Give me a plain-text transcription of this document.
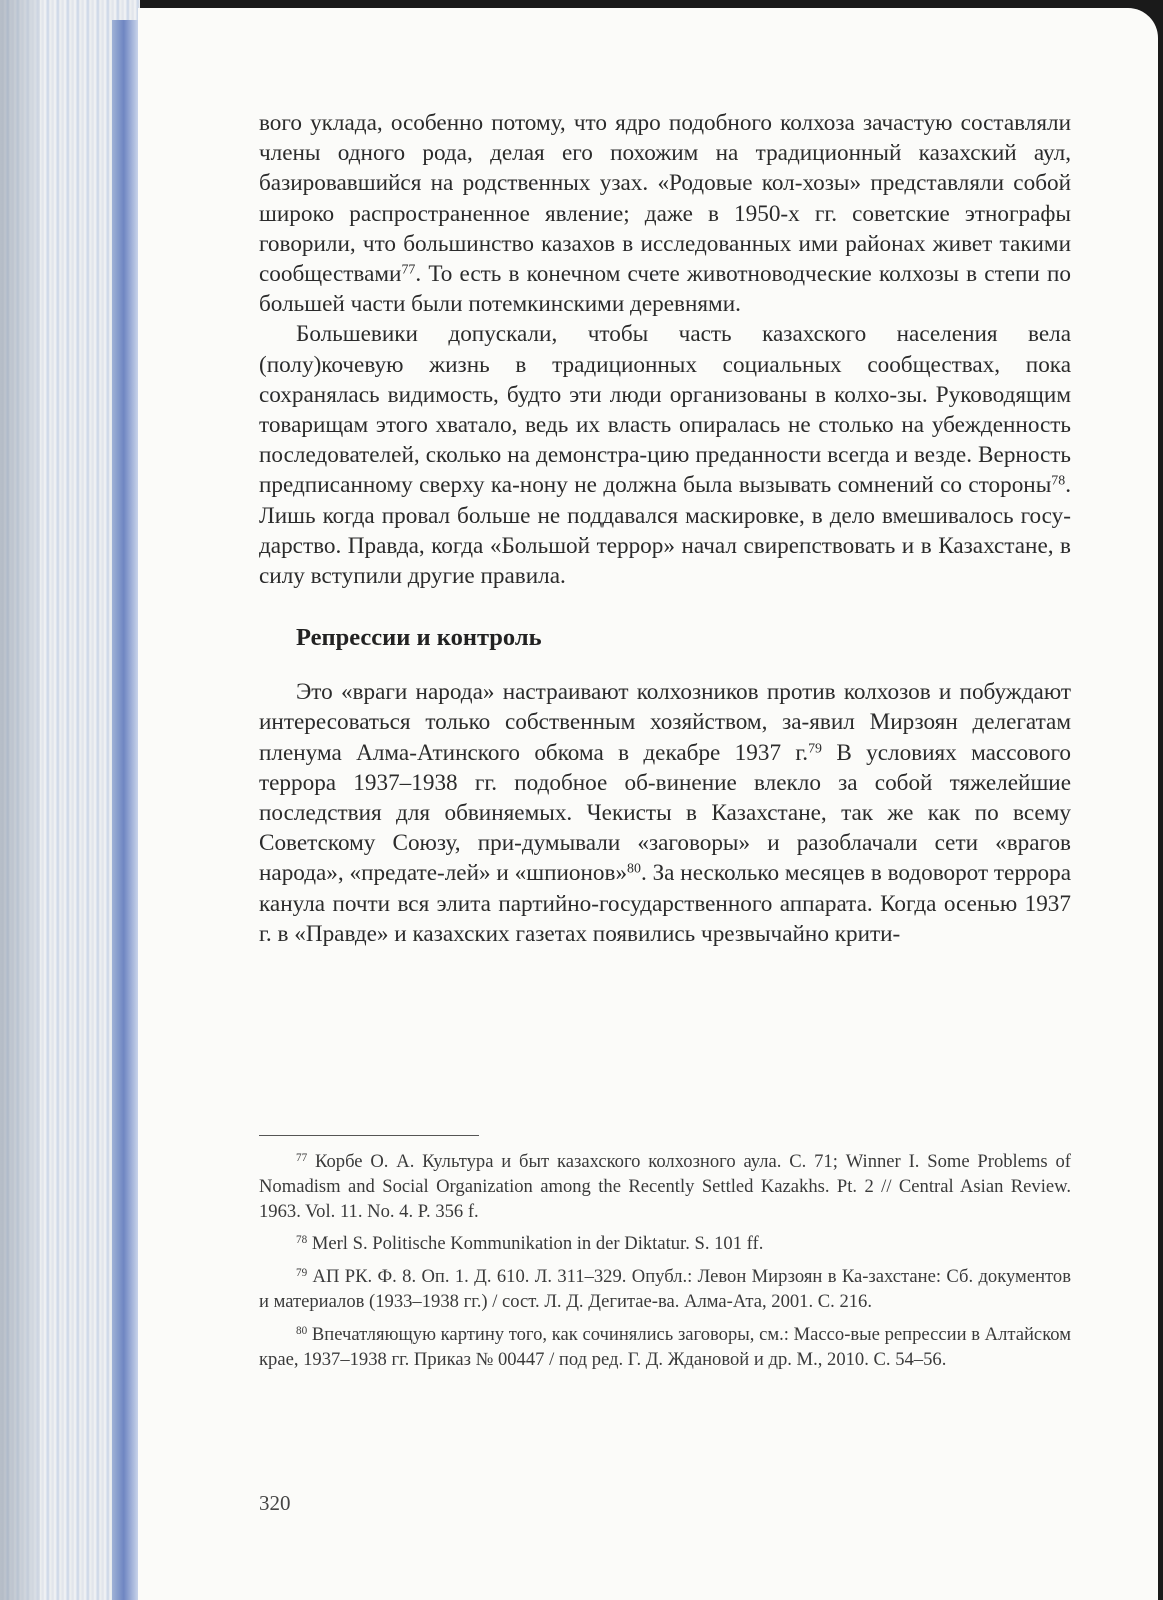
вого уклада, особенно потому, что ядро подобного колхоза зачастую составляли члены одного рода, делая его похожим на традиционный казахский аул, базировавшийся на родственных узах. «Родовые кол-хозы» представляли собой широко распространенное явление; даже в 1950-х гг. советские этнографы говорили, что большинство казахов в исследованных ими районах живет такими сообществами$^{77}$. То есть в конечном счете животноводческие колхозы в степи по большей части были потемкинскими деревнями.

Большевики допускали, чтобы часть казахского населения вела (полу)кочевую жизнь в традиционных социальных сообществах, пока сохранялась видимость, будто эти люди организованы в колхо-зы. Руководящим товарищам этого хватало, ведь их власть опиралась не столько на убежденность последователей, сколько на демонстра-цию преданности всегда и везде. Верность предписанному сверху ка-нону не должна была вызывать сомнений со стороны$^{78}$. Лишь когда провал больше не поддавался маскировке, в дело вмешивалось госу-дарство. Правда, когда «Большой террор» начал свирепствовать и в Казахстане, в силу вступили другие правила.

Репрессии и контроль

Это «враги народа» настраивают колхозников против колхозов и побуждают интересоваться только собственным хозяйством, за-явил Мирзоян делегатам пленума Алма-Атинского обкома в декабре 1937 г.$^{79}$ В условиях массового террора 1937–1938 гг. подобное об-винение влекло за собой тяжелейшие последствия для обвиняемых. Чекисты в Казахстане, так же как по всему Советскому Союзу, при-думывали «заговоры» и разоблачали сети «врагов народа», «предате-лей» и «шпионов»$^{80}$. За несколько месяцев в водоворот террора канула почти вся элита партийно-государственного аппарата. Когда осенью 1937 г. в «Правде» и казахских газетах появились чрезвычайно крити-

$^{77}$ Корбе О. А. Культура и быт казахского колхозного аула. С. 71; Winner I. Some Problems of Nomadism and Social Organization among the Recently Settled Kazakhs. Pt. 2 // Central Asian Review. 1963. Vol. 11. No. 4. P. 356 f.

$^{78}$ Merl S. Politische Kommunikation in der Diktatur. S. 101 ff.

$^{79}$ АП РК. Ф. 8. Оп. 1. Д. 610. Л. 311–329. Опубл.: Левон Мирзоян в Ка-захстане: Сб. документов и материалов (1933–1938 гг.) / сост. Л. Д. Дегитае-ва. Алма-Ата, 2001. С. 216.

$^{80}$ Впечатляющую картину того, как сочинялись заговоры, см.: Массо-вые репрессии в Алтайском крае, 1937–1938 гг. Приказ № 00447 / под ред. Г. Д. Ждановой и др. М., 2010. С. 54–56.

320
